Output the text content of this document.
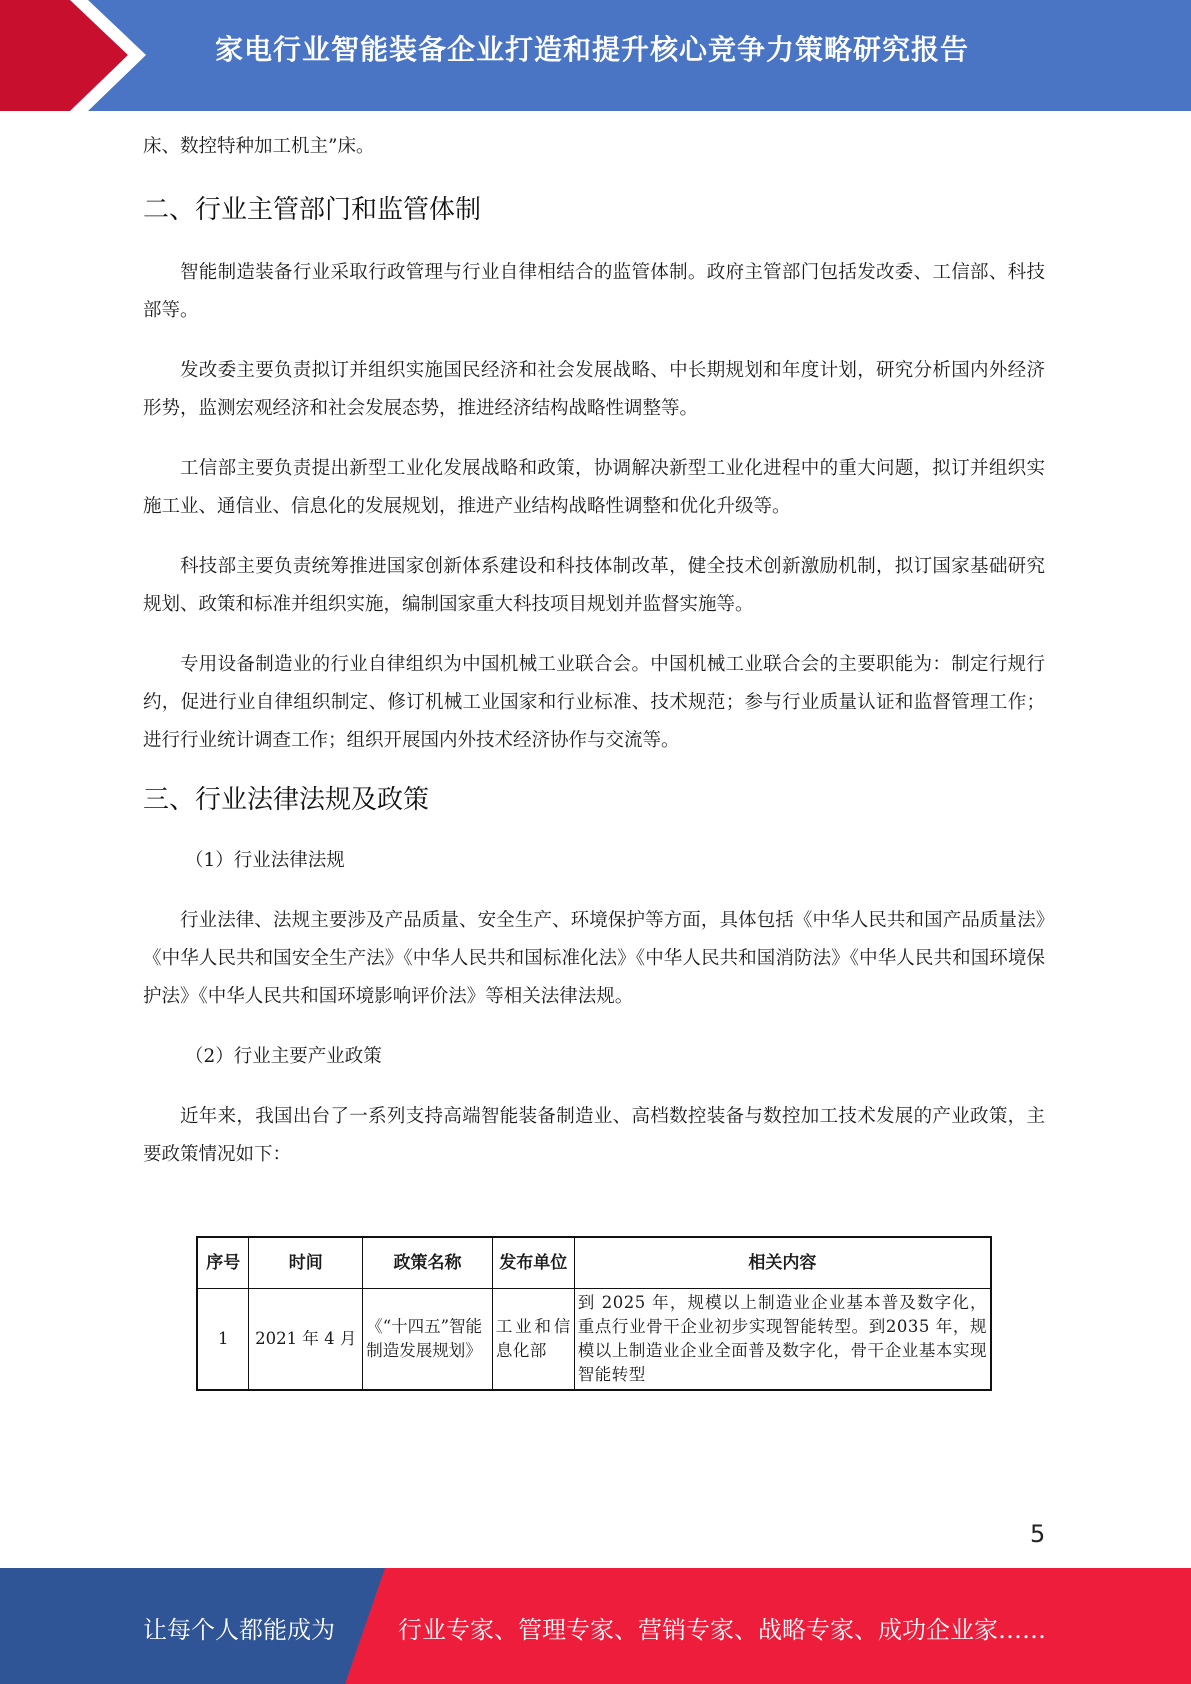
家电行业智能装备企业打造和提升核心竞争力策略研究报告

床、数控特种加工机主”床。

二、行业主管部门和监管体制

智能制造装备行业采取行政管理与行业自律相结合的监管体制。政府主管部门包括发改委、工信部、科技部等。

发改委主要负责拟订并组织实施国民经济和社会发展战略、中长期规划和年度计划，研究分析国内外经济形势，监测宏观经济和社会发展态势，推进经济结构战略性调整等。

工信部主要负责提出新型工业化发展战略和政策，协调解决新型工业化进程中的重大问题，拟订并组织实施工业、通信业、信息化的发展规划，推进产业结构战略性调整和优化升级等。

科技部主要负责统筹推进国家创新体系建设和科技体制改革，健全技术创新激励机制，拟订国家基础研究规划、政策和标准并组织实施，编制国家重大科技项目规划并监督实施等。

专用设备制造业的行业自律组织为中国机械工业联合会。中国机械工业联合会的主要职能为：制定行规行约，促进行业自律组织制定、修订机械工业国家和行业标准、技术规范；参与行业质量认证和监督管理工作；进行行业统计调查工作；组织开展国内外技术经济协作与交流等。

三、行业法律法规及政策

（1）行业法律法规

行业法律、法规主要涉及产品质量、安全生产、环境保护等方面，具体包括《中华人民共和国产品质量法》《中华人民共和国安全生产法》《中华人民共和国标准化法》《中华人民共和国消防法》《中华人民共和国环境保护法》《中华人民共和国环境影响评价法》等相关法律法规。

（2）行业主要产业政策

近年来，我国出台了一系列支持高端智能装备制造业、高档数控装备与数控加工技术发展的产业政策，主要政策情况如下：

序号	时间	政策名称	发布单位	相关内容
1	2021 年 4 月	《“十四五”智能制造发展规划》	工业和信息化部	到 2025 年，规模以上制造业企业基本普及数字化，重点行业骨干企业初步实现智能转型。到2035 年，规模以上制造业企业全面普及数字化，骨干企业基本实现智能转型
5
让每个人都能成为	行业专家、管理专家、营销专家、战略专家、成功企业家……
